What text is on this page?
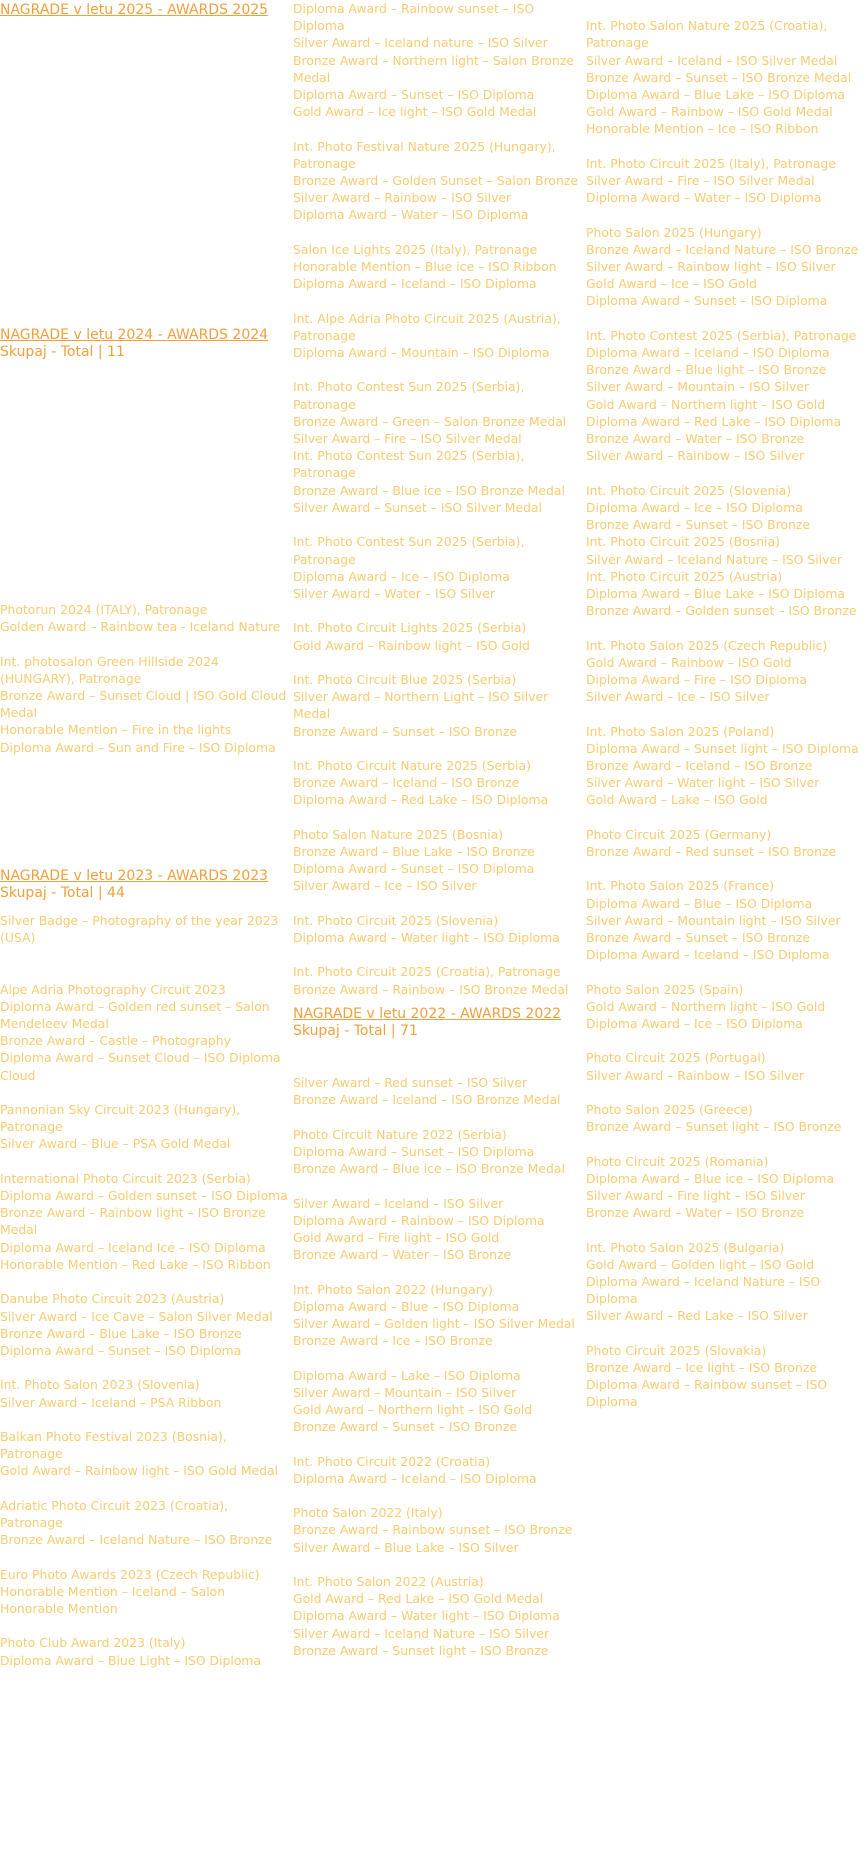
NAGRADE v letu 2025 - AWARDS 2025
NAGRADE v letu 2024 - AWARDS 2024

Skupaj - Total | 11

Photorun 2024 (ITALY), Patronage

Golden Award – Rainbow tea - Iceland Nature

Int. photosalon Green Hillside 2024 (HUNGARY), Patronage

Bronze Award – Sunset Cloud | ISO Gold Cloud Medal

Honorable Mention – Fire in the lights

Diploma Award – Sun and Fire – ISO Diploma

NAGRADE v letu 2023 - AWARDS 2023

Skupaj - Total | 44

Silver Badge – Photography of the year 2023 (USA)

Alpe Adria Photography Circuit 2023

Diploma Award – Golden red sunset – Salon Mendeleev Medal

Bronze Award – Castle – Photography

Diploma Award – Sunset Cloud – ISO Diploma Cloud

Pannonian Sky Circuit 2023 (Hungary), Patronage

Silver Award – Blue – PSA Gold Medal

International Photo Circuit 2023 (Serbia)

Diploma Award – Golden sunset – ISO Diploma

Bronze Award – Rainbow light – ISO Bronze Medal

Diploma Award – Iceland Ice – ISO Diploma

Honorable Mention – Red Lake – ISO Ribbon

Danube Photo Circuit 2023 (Austria)

Silver Award – Ice Cave – Salon Silver Medal

Bronze Award – Blue Lake – ISO Bronze

Diploma Award – Sunset – ISO Diploma

Int. Photo Salon 2023 (Slovenia)

Silver Award – Iceland – PSA Ribbon

Balkan Photo Festival 2023 (Bosnia), Patronage

Gold Award – Rainbow light – ISO Gold Medal

Adriatic Photo Circuit 2023 (Croatia), Patronage

Bronze Award – Iceland Nature – ISO Bronze

Euro Photo Awards 2023 (Czech Republic)

Honorable Mention – Iceland – Salon Honorable Mention

Photo Club Award 2023 (Italy)

Diploma Award – Blue Light – ISO Diploma

Diploma Award – Rainbow sunset – ISO Diploma

Silver Award – Iceland nature – ISO Silver

Bronze Award – Northern light – Salon Bronze Medal

Diploma Award – Sunset – ISO Diploma

Gold Award – Ice light – ISO Gold Medal

Int. Photo Festival Nature 2025 (Hungary), Patronage

Bronze Award – Golden Sunset – Salon Bronze

Silver Award – Rainbow – ISO Silver

Diploma Award – Water – ISO Diploma

Salon Ice Lights 2025 (Italy), Patronage

Honorable Mention – Blue ice – ISO Ribbon

Diploma Award – Iceland – ISO Diploma

Int. Alpe Adria Photo Circuit 2025 (Austria), Patronage

Diploma Award – Mountain – ISO Diploma

Int. Photo Contest Sun 2025 (Serbia), Patronage

Bronze Award – Green – Salon Bronze Medal

Silver Award – Fire – ISO Silver Medal

Int. Photo Contest Sun 2025 (Serbia), Patronage

Bronze Award – Blue ice – ISO Bronze Medal

Silver Award – Sunset – ISO Silver Medal

Int. Photo Contest Sun 2025 (Serbia), Patronage

Diploma Award – Ice – ISO Diploma

Silver Award – Water – ISO Silver

Int. Photo Circuit Lights 2025 (Serbia)

Gold Award – Rainbow light – ISO Gold

Int. Photo Circuit Blue 2025 (Serbia)

Silver Award – Northern Light – ISO Silver Medal

Bronze Award – Sunset – ISO Bronze

Int. Photo Circuit Nature 2025 (Serbia)

Bronze Award – Iceland – ISO Bronze

Diploma Award – Red Lake – ISO Diploma

Photo Salon Nature 2025 (Bosnia)

Bronze Award – Blue Lake – ISO Bronze

Diploma Award – Sunset – ISO Diploma

Silver Award – Ice – ISO Silver

Int. Photo Circuit 2025 (Slovenia)

Diploma Award – Water light – ISO Diploma

Int. Photo Circuit 2025 (Croatia), Patronage

Bronze Award – Rainbow – ISO Bronze Medal

NAGRADE v letu 2022 - AWARDS 2022

Skupaj - Total | 71

Silver Award – Red sunset – ISO Silver

Bronze Award – Iceland – ISO Bronze Medal

Photo Circuit Nature 2022 (Serbia)

Diploma Award – Sunset – ISO Diploma

Bronze Award – Blue ice – ISO Bronze Medal

Silver Award – Iceland – ISO Silver

Diploma Award – Rainbow – ISO Diploma

Gold Award – Fire light – ISO Gold

Bronze Award – Water – ISO Bronze

Int. Photo Salon 2022 (Hungary)

Diploma Award – Blue – ISO Diploma

Silver Award – Golden light – ISO Silver Medal

Bronze Award – Ice – ISO Bronze

Diploma Award – Lake – ISO Diploma

Silver Award – Mountain – ISO Silver

Gold Award – Northern light – ISO Gold

Bronze Award – Sunset – ISO Bronze

Int. Photo Circuit 2022 (Croatia)

Diploma Award – Iceland – ISO Diploma

Photo Salon 2022 (Italy)

Bronze Award – Rainbow sunset – ISO Bronze

Silver Award – Blue Lake – ISO Silver

Int. Photo Salon 2022 (Austria)

Gold Award – Red Lake – ISO Gold Medal

Diploma Award – Water light – ISO Diploma

Silver Award – Iceland Nature – ISO Silver

Bronze Award – Sunset light – ISO Bronze

Int. Photo Salon Nature 2025 (Croatia), Patronage

Silver Award – Iceland – ISO Silver Medal

Bronze Award – Sunset – ISO Bronze Medal

Diploma Award – Blue Lake – ISO Diploma

Gold Award – Rainbow – ISO Gold Medal

Honorable Mention – Ice – ISO Ribbon

Int. Photo Circuit 2025 (Italy), Patronage

Silver Award – Fire – ISO Silver Medal

Diploma Award – Water – ISO Diploma

Photo Salon 2025 (Hungary)

Bronze Award – Iceland Nature – ISO Bronze

Silver Award – Rainbow light – ISO Silver

Gold Award – Ice – ISO Gold

Diploma Award – Sunset – ISO Diploma

Int. Photo Contest 2025 (Serbia), Patronage

Diploma Award – Iceland – ISO Diploma

Bronze Award – Blue light – ISO Bronze

Silver Award – Mountain – ISO Silver

Gold Award – Northern light – ISO Gold

Diploma Award – Red Lake – ISO Diploma

Bronze Award – Water – ISO Bronze

Silver Award – Rainbow – ISO Silver

Int. Photo Circuit 2025 (Slovenia)

Diploma Award – Ice – ISO Diploma

Bronze Award – Sunset – ISO Bronze

Int. Photo Circuit 2025 (Bosnia)

Silver Award – Iceland Nature – ISO Silver

Int. Photo Circuit 2025 (Austria)

Diploma Award – Blue Lake – ISO Diploma

Bronze Award – Golden sunset – ISO Bronze

Int. Photo Salon 2025 (Czech Republic)

Gold Award – Rainbow – ISO Gold

Diploma Award – Fire – ISO Diploma

Silver Award – Ice – ISO Silver

Int. Photo Salon 2025 (Poland)

Diploma Award – Sunset light – ISO Diploma

Bronze Award – Iceland – ISO Bronze

Silver Award – Water light – ISO Silver

Gold Award – Lake – ISO Gold

Photo Circuit 2025 (Germany)

Bronze Award – Red sunset – ISO Bronze

Int. Photo Salon 2025 (France)

Diploma Award – Blue – ISO Diploma

Silver Award – Mountain light – ISO Silver

Bronze Award – Sunset – ISO Bronze

Diploma Award – Iceland – ISO Diploma

Photo Salon 2025 (Spain)

Gold Award – Northern light – ISO Gold

Diploma Award – Ice – ISO Diploma

Photo Circuit 2025 (Portugal)

Silver Award – Rainbow – ISO Silver

Photo Salon 2025 (Greece)

Bronze Award – Sunset light – ISO Bronze

Photo Circuit 2025 (Romania)

Diploma Award – Blue ice – ISO Diploma

Silver Award – Fire light – ISO Silver

Bronze Award – Water – ISO Bronze

Int. Photo Salon 2025 (Bulgaria)

Gold Award – Golden light – ISO Gold

Diploma Award – Iceland Nature – ISO Diploma

Silver Award – Red Lake – ISO Silver

Photo Circuit 2025 (Slovakia)

Bronze Award – Ice light – ISO Bronze

Diploma Award – Rainbow sunset – ISO Diploma
